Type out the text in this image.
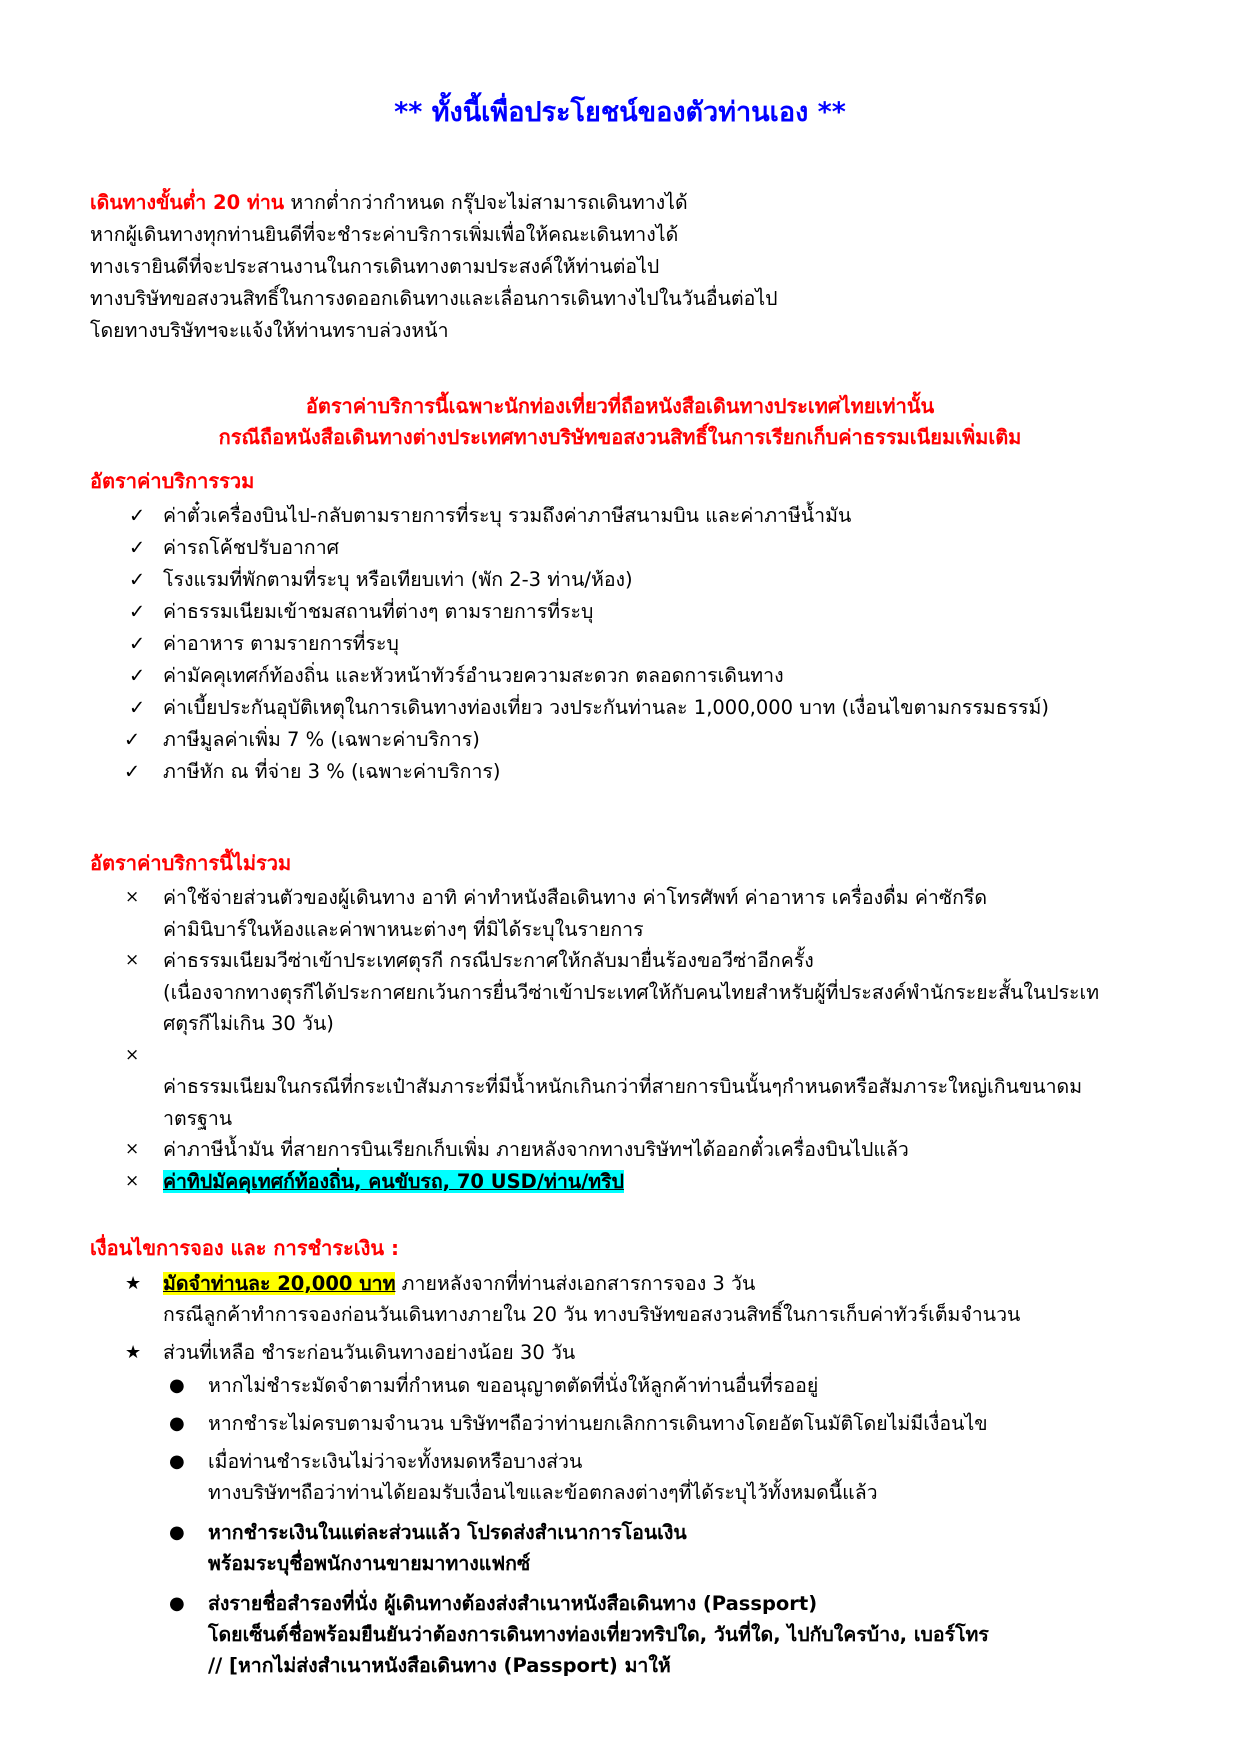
** ทั้งนี้เพื่อประโยชน์ของตัวท่านเอง **
เดินทางขั้นต่ำ 20 ท่าน หากต่ำกว่ากำหนด กรุ๊ปจะไม่สามารถเดินทางได้
หากผู้เดินทางทุกท่านยินดีที่จะชำระค่าบริการเพิ่มเพื่อให้คณะเดินทางได้
ทางเรายินดีที่จะประสานงานในการเดินทางตามประสงค์ให้ท่านต่อไป
ทางบริษัทขอสงวนสิทธิ์ในการงดออกเดินทางและเลื่อนการเดินทางไปในวันอื่นต่อไป
โดยทางบริษัทฯจะแจ้งให้ท่านทราบล่วงหน้า
อัตราค่าบริการนี้เฉพาะนักท่องเที่ยวที่ถือหนังสือเดินทางประเทศไทยเท่านั้น
กรณีถือหนังสือเดินทางต่างประเทศทางบริษัทขอสงวนสิทธิ์ในการเรียกเก็บค่าธรรมเนียมเพิ่มเติม
อัตราค่าบริการรวม
✓ ค่าตั๋วเครื่องบินไป-กลับตามรายการที่ระบุ รวมถึงค่าภาษีสนามบิน และค่าภาษีน้ำมัน
✓ ค่ารถโค้ชปรับอากาศ
✓ โรงแรมที่พักตามที่ระบุ หรือเทียบเท่า (พัก 2-3 ท่าน/ห้อง)
✓ ค่าธรรมเนียมเข้าชมสถานที่ต่างๆ ตามรายการที่ระบุ
✓ ค่าอาหาร ตามรายการที่ระบุ
✓ ค่ามัคคุเทศก์ท้องถิ่น และหัวหน้าทัวร์อำนวยความสะดวก ตลอดการเดินทาง
✓ ค่าเบี้ยประกันอุบัติเหตุในการเดินทางท่องเที่ยว วงประกันท่านละ 1,000,000 บาท (เงื่อนไขตามกรรมธรรม์)
✓ ภาษีมูลค่าเพิ่ม 7 % (เฉพาะค่าบริการ)
✓ ภาษีหัก ณ ที่จ่าย 3 % (เฉพาะค่าบริการ)
อัตราค่าบริการนี้ไม่รวม
× ค่าใช้จ่ายส่วนตัวของผู้เดินทาง อาทิ ค่าทำหนังสือเดินทาง ค่าโทรศัพท์ ค่าอาหาร เครื่องดื่ม ค่าซักรีด
ค่ามินิบาร์ในห้องและค่าพาหนะต่างๆ ที่มิได้ระบุในรายการ
× ค่าธรรมเนียมวีซ่าเข้าประเทศตุรกี กรณีประกาศให้กลับมายื่นร้องขอวีซ่าอีกครั้ง
(เนื่องจากทางตุรกีได้ประกาศยกเว้นการยื่นวีซ่าเข้าประเทศให้กับคนไทยสำหรับผู้ที่ประสงค์พำนักระยะสั้นในประเท
ศตุรกีไม่เกิน 30 วัน)
×

ค่าธรรมเนียมในกรณีที่กระเป๋าสัมภาระที่มีน้ำหนักเกินกว่าที่สายการบินนั้นๆกำหนดหรือสัมภาระใหญ่เกินขนาดม
าตรฐาน
× ค่าภาษีน้ำมัน ที่สายการบินเรียกเก็บเพิ่ม ภายหลังจากทางบริษัทฯได้ออกตั๋วเครื่องบินไปแล้ว
× ค่าทิปมัคคุเทศก์ท้องถิ่น, คนขับรถ, 70 USD/ท่าน/ทริป
เงื่อนไขการจอง และ การชำระเงิน :
★ มัดจำท่านละ 20,000 บาท ภายหลังจากที่ท่านส่งเอกสารการจอง 3 วัน
กรณีลูกค้าทำการจองก่อนวันเดินทางภายใน 20 วัน ทางบริษัทขอสงวนสิทธิ์ในการเก็บค่าทัวร์เต็มจำนวน
★ ส่วนที่เหลือ ชำระก่อนวันเดินทางอย่างน้อย 30 วัน
● หากไม่ชำระมัดจำตามที่กำหนด ขออนุญาตตัดที่นั่งให้ลูกค้าท่านอื่นที่รออยู่
● หากชำระไม่ครบตามจำนวน บริษัทฯถือว่าท่านยกเลิกการเดินทางโดยอัตโนมัติโดยไม่มีเงื่อนไข
● เมื่อท่านชำระเงินไม่ว่าจะทั้งหมดหรือบางส่วน
ทางบริษัทฯถือว่าท่านได้ยอมรับเงื่อนไขและข้อตกลงต่างๆที่ได้ระบุไว้ทั้งหมดนี้แล้ว
● หากชำระเงินในแต่ละส่วนแล้ว โปรดส่งสำเนาการโอนเงิน
พร้อมระบุชื่อพนักงานขายมาทางแฟกซ์
● ส่งรายชื่อสำรองที่นั่ง ผู้เดินทางต้องส่งสำเนาหนังสือเดินทาง (Passport)
โดยเซ็นต์ชื่อพร้อมยืนยันว่าต้องการเดินทางท่องเที่ยวทริปใด, วันที่ใด, ไปกับใครบ้าง, เบอร์โทร
// [หากไม่ส่งสำเนาหนังสือเดินทาง (Passport) มาให้
